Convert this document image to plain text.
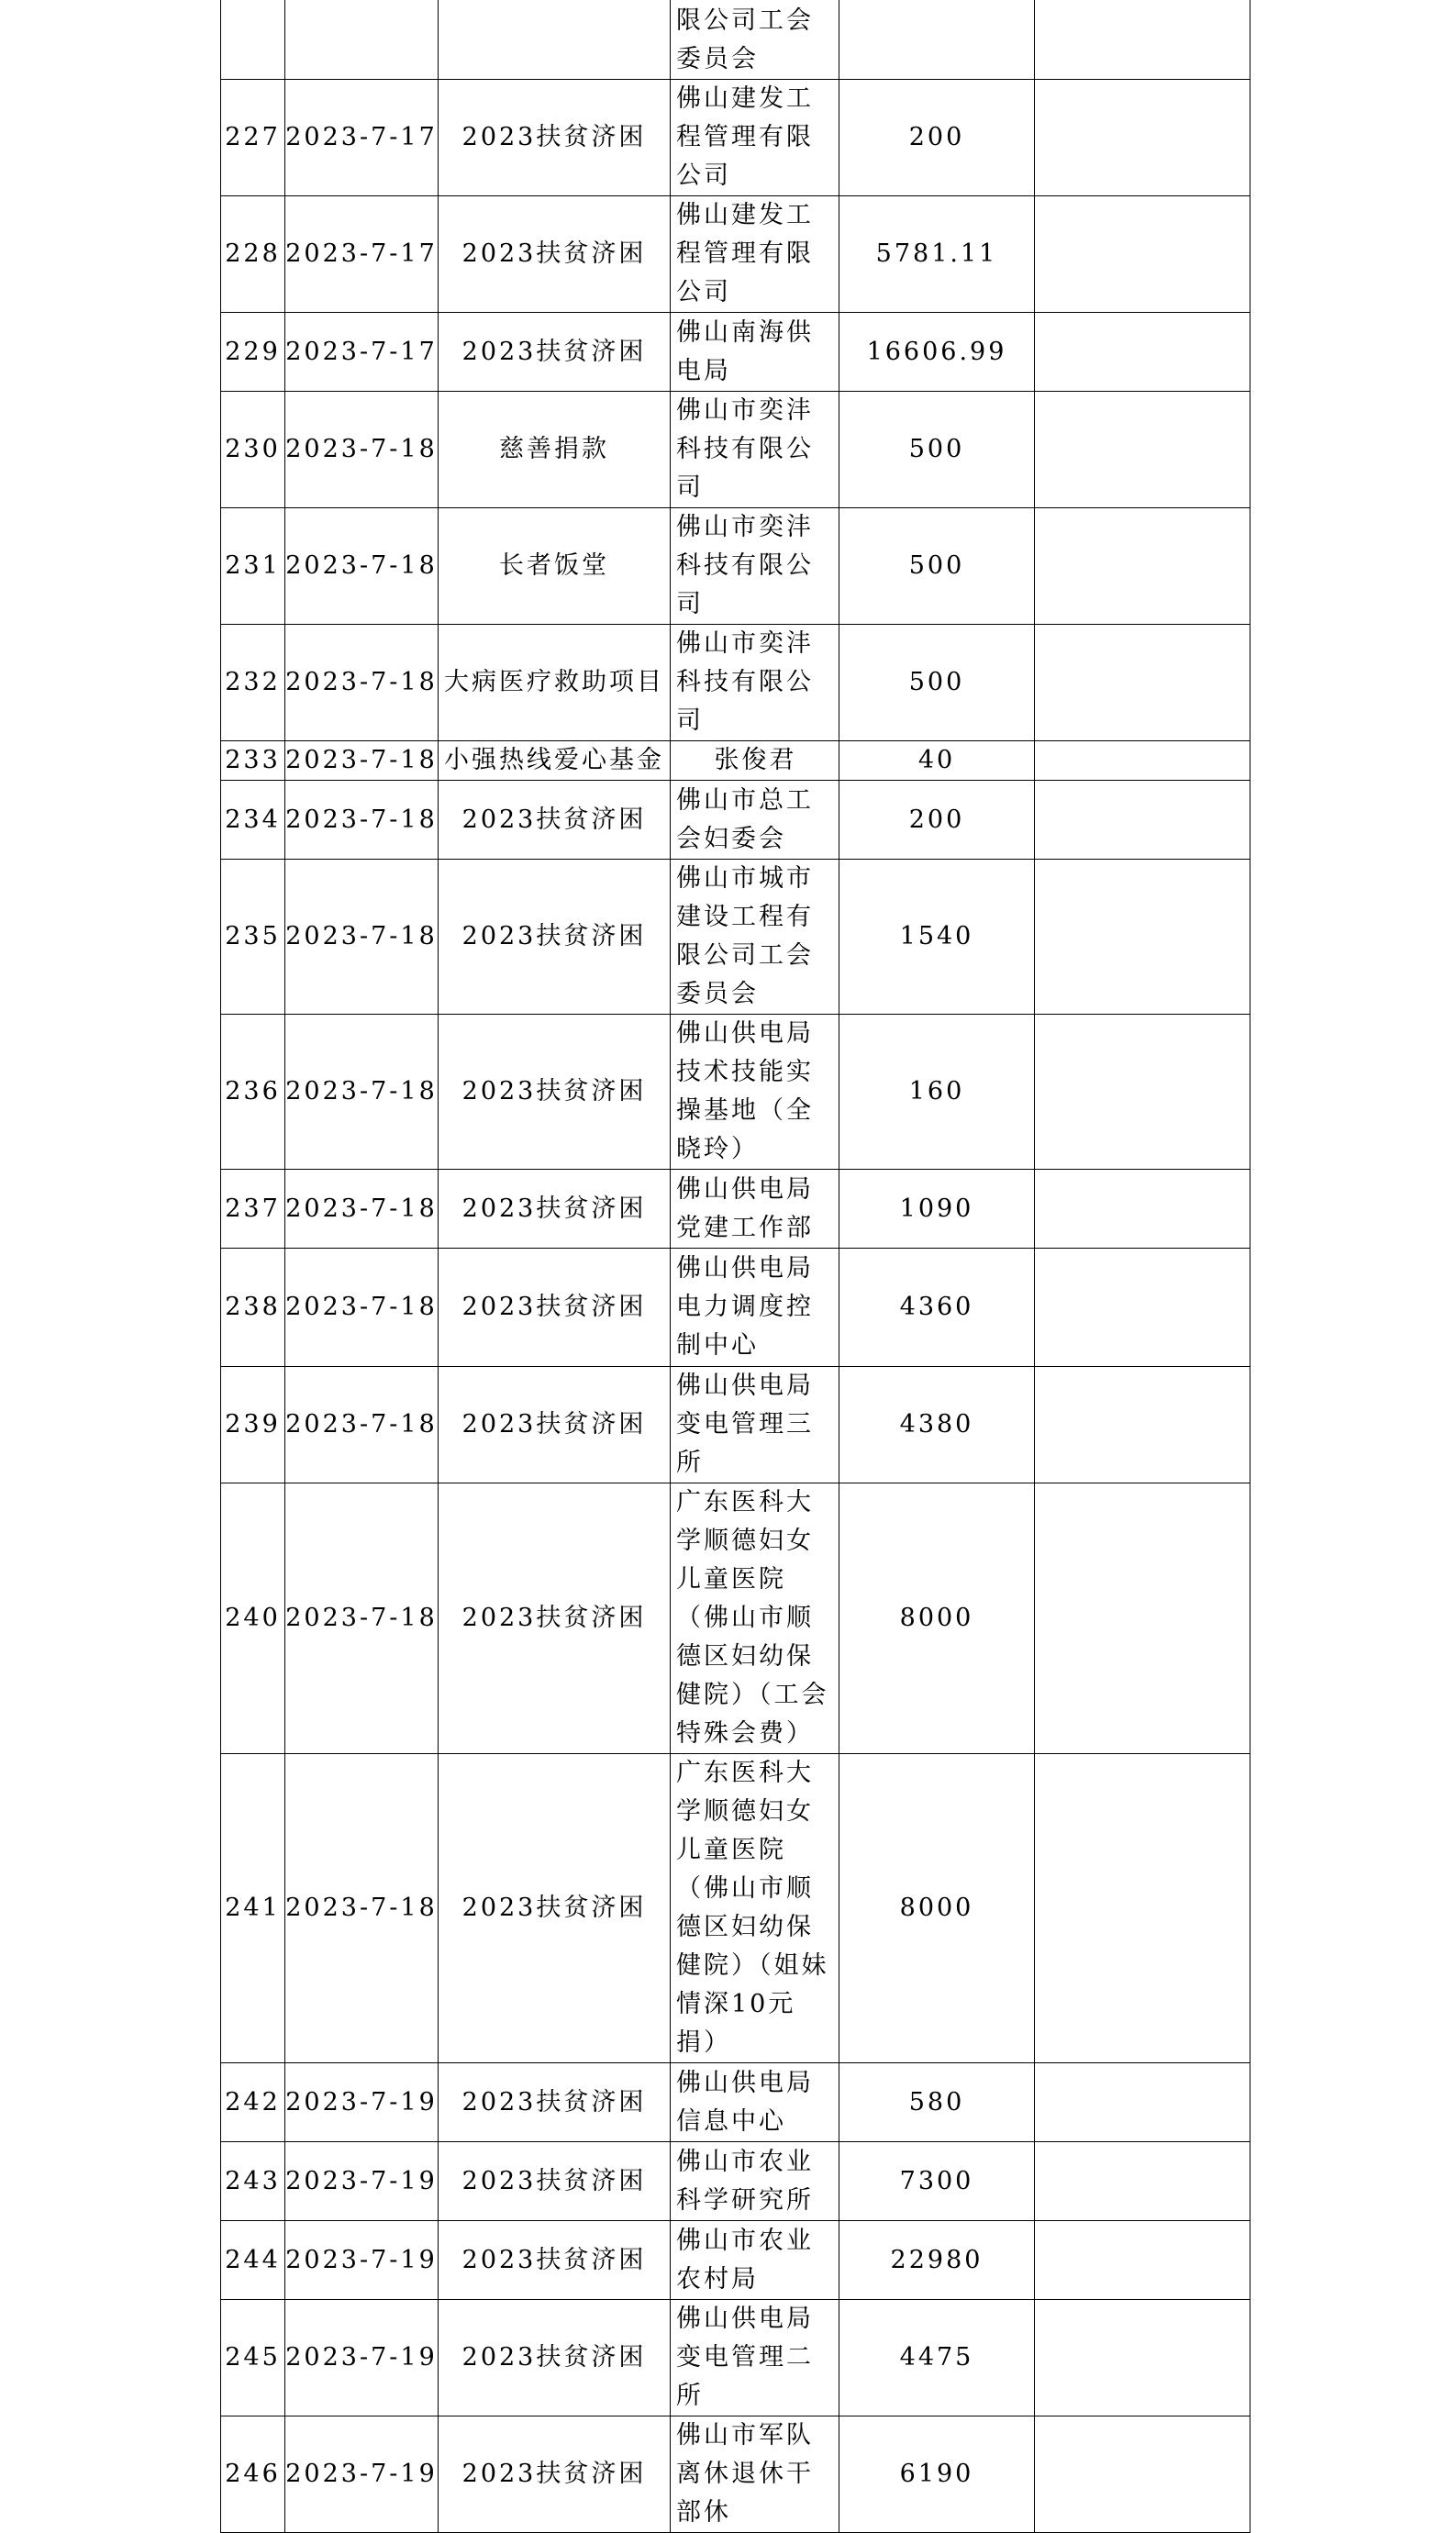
			限公司工会委员会		
227	2023-7-17	2023扶贫济困	佛山建发工程管理有限公司	200	
228	2023-7-17	2023扶贫济困	佛山建发工程管理有限公司	5781.11	
229	2023-7-17	2023扶贫济困	佛山南海供电局	16606.99	
230	2023-7-18	慈善捐款	佛山市奕沣科技有限公司	500	
231	2023-7-18	长者饭堂	佛山市奕沣科技有限公司	500	
232	2023-7-18	大病医疗救助项目	佛山市奕沣科技有限公司	500	
233	2023-7-18	小强热线爱心基金	张俊君	40	
234	2023-7-18	2023扶贫济困	佛山市总工会妇委会	200	
235	2023-7-18	2023扶贫济困	佛山市城市建设工程有限公司工会委员会	1540	
236	2023-7-18	2023扶贫济困	佛山供电局技术技能实操基地（全晓玲）	160	
237	2023-7-18	2023扶贫济困	佛山供电局党建工作部	1090	
238	2023-7-18	2023扶贫济困	佛山供电局电力调度控制中心	4360	
239	2023-7-18	2023扶贫济困	佛山供电局变电管理三所	4380	
240	2023-7-18	2023扶贫济困	广东医科大学顺德妇女儿童医院（佛山市顺德区妇幼保健院）（工会特殊会费）	8000	
241	2023-7-18	2023扶贫济困	广东医科大学顺德妇女儿童医院（佛山市顺德区妇幼保健院）（姐妹情深10元捐）	8000	
242	2023-7-19	2023扶贫济困	佛山供电局信息中心	580	
243	2023-7-19	2023扶贫济困	佛山市农业科学研究所	7300	
244	2023-7-19	2023扶贫济困	佛山市农业农村局	22980	
245	2023-7-19	2023扶贫济困	佛山供电局变电管理二所	4475	
246	2023-7-19	2023扶贫济困	佛山市军队离休退休干部休	6190	
